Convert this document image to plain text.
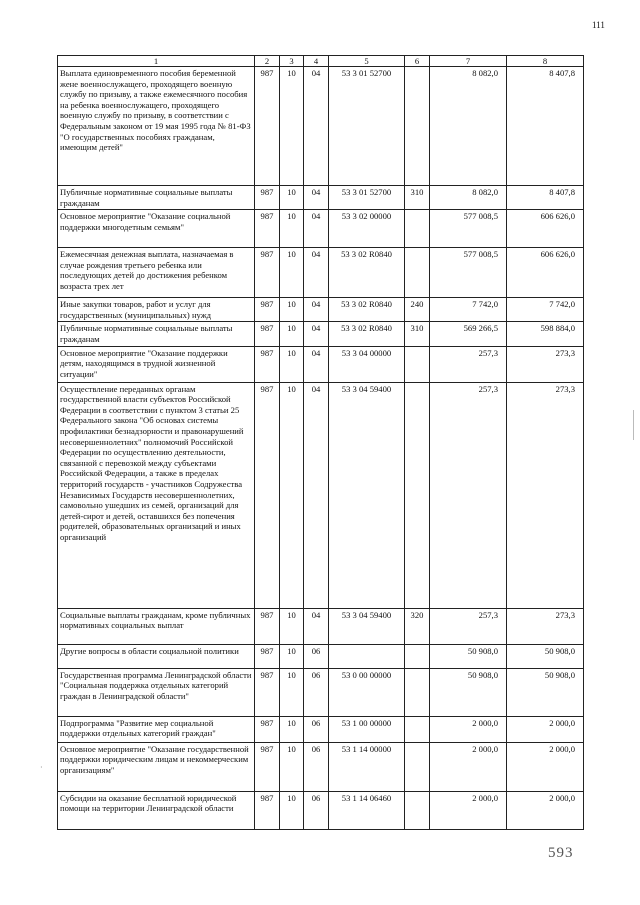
111
1	2	3	4	5	6	7	8
Выплата единовременного пособия беременной жене военнослужащего, проходящего военную службу по призыву, а также ежемесячного пособия на ребенка военнослужащего, проходящего военную службу по призыву, в соответствии с Федеральным законом от 19 мая 1995 года № 81-ФЗ "О государственных пособиях гражданам, имеющим детей"	987	10	04	53 3 01 52700		8 082,0	8 407,8
Публичные нормативные социальные выплаты гражданам	987	10	04	53 3 01 52700	310	8 082,0	8 407,8
Основное мероприятие "Оказание социальной поддержки многодетным семьям"	987	10	04	53 3 02 00000		577 008,5	606 626,0
Ежемесячная денежная выплата, назначаемая в случае рождения третьего ребенка или последующих детей до достижения ребенком возраста трех лет	987	10	04	53 3 02 R0840		577 008,5	606 626,0
Иные закупки товаров, работ и услуг для государственных (муниципальных) нужд	987	10	04	53 3 02 R0840	240	7 742,0	7 742,0
Публичные нормативные социальные выплаты гражданам	987	10	04	53 3 02 R0840	310	569 266,5	598 884,0
Основное мероприятие "Оказание поддержки детям, находящимся в трудной жизненной ситуации"	987	10	04	53 3 04 00000		257,3	273,3
Осуществление переданных органам государственной власти субъектов Российской Федерации в соответствии с пунктом 3 статьи 25 Федерального закона "Об основах системы профилактики безнадзорности и правонарушений несовершеннолетних" полномочий Российской Федерации по осуществлению деятельности, связанной с перевозкой между субъектами Российской Федерации, а также в пределах территорий государств - участников Содружества Независимых Государств несовершеннолетних, самовольно ушедших из семей, организаций для детей-сирот и детей, оставшихся без попечения родителей, образовательных организаций и иных организаций	987	10	04	53 3 04 59400		257,3	273,3
Социальные выплаты гражданам, кроме публичных нормативных социальных выплат	987	10	04	53 3 04 59400	320	257,3	273,3
Другие вопросы в области социальной политики	987	10	06			50 908,0	50 908,0
Государственная программа Ленинградской области "Социальная поддержка отдельных категорий граждан в Ленинградской области"	987	10	06	53 0 00 00000		50 908,0	50 908,0
Подпрограмма "Развитие мер социальной поддержки отдельных категорий граждан"	987	10	06	53 1 00 00000		2 000,0	2 000,0
Основное мероприятие "Оказание государственной поддержки юридическим лицам и некоммерческим организациям"	987	10	06	53 1 14 00000		2 000,0	2 000,0
Субсидии на оказание бесплатной юридической помощи на территории Ленинградской области	987	10	06	53 1 14 06460		2 000,0	2 000,0
593
·
